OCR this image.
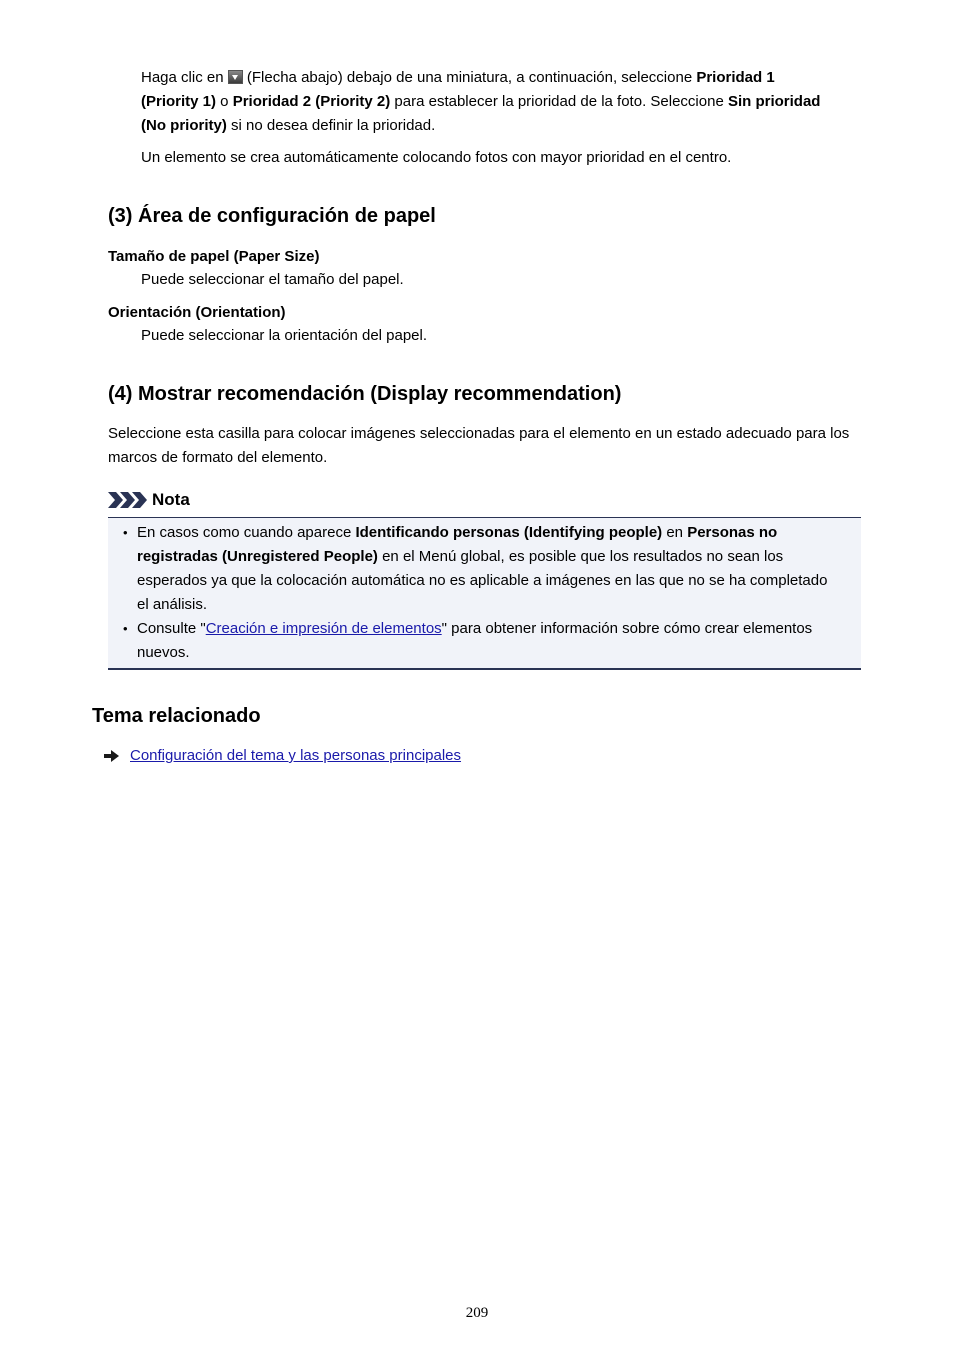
Haga clic en  (Flecha abajo) debajo de una miniatura, a continuación, seleccione Prioridad 1 (Priority 1) o Prioridad 2 (Priority 2) para establecer la prioridad de la foto. Seleccione Sin prioridad (No priority) si no desea definir la prioridad.

Un elemento se crea automáticamente colocando fotos con mayor prioridad en el centro.

(3) Área de configuración de papel

Tamaño de papel (Paper Size)

Puede seleccionar el tamaño del papel.

Orientación (Orientation)

Puede seleccionar la orientación del papel.

(4) Mostrar recomendación (Display recommendation)

Seleccione esta casilla para colocar imágenes seleccionadas para el elemento en un estado adecuado para los marcos de formato del elemento.

Nota
• En casos como cuando aparece Identificando personas (Identifying people) en Personas no registradas (Unregistered People) en el Menú global, es posible que los resultados no sean los esperados ya que la colocación automática no es aplicable a imágenes en las que no se ha completado el análisis.
• Consulte "Creación e impresión de elementos" para obtener información sobre cómo crear elementos nuevos.
Tema relacionado
Configuración del tema y las personas principales
209
